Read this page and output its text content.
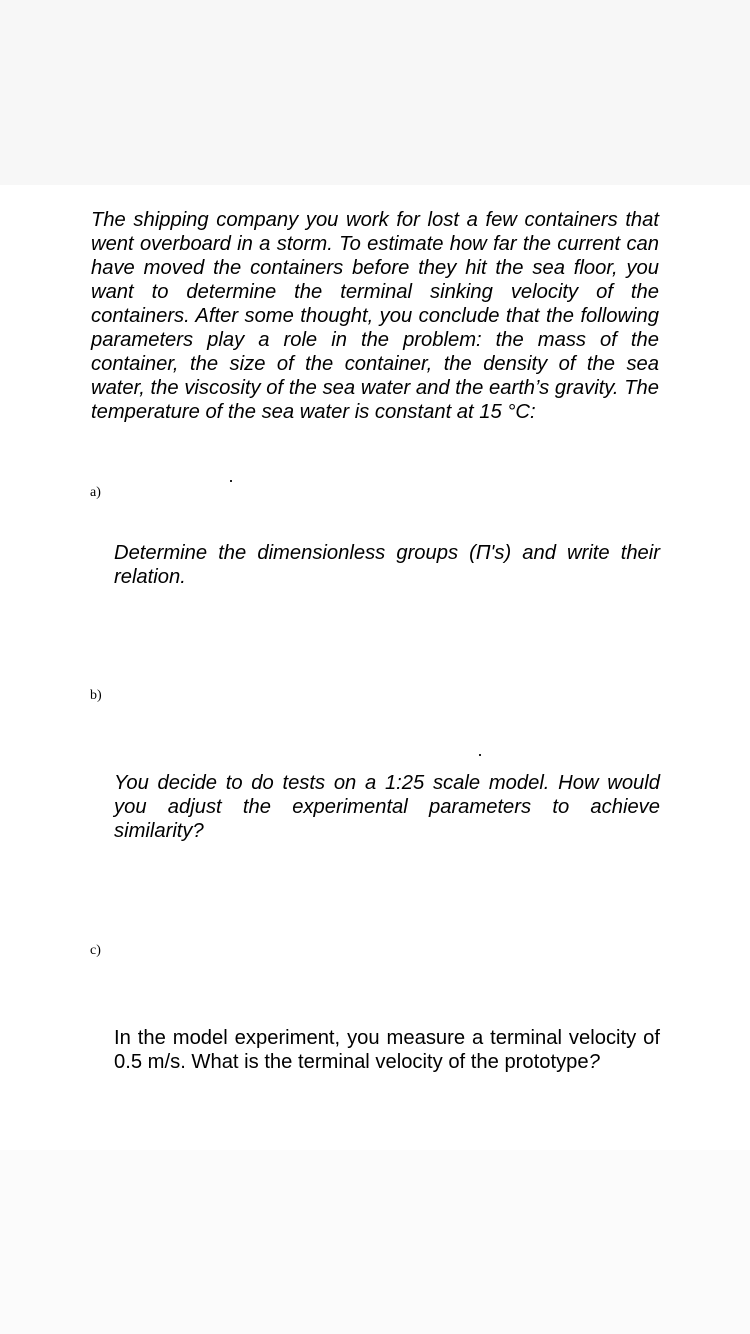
The shipping company you work for lost a few containers that went overboard in a storm. To estimate how far the current can have moved the containers before they hit the sea floor, you want to determine the terminal sinking velocity of the containers. After some thought, you conclude that the following parameters play a role in the problem: the mass of the container, the size of the container, the density of the sea water, the viscosity of the sea water and the earth’s gravity. The temperature of the sea water is constant at 15 °C:

a)

Determine the dimensionless groups (Π's) and write their relation.

b)

You decide to do tests on a 1:25 scale model. How would you adjust the experimental parameters to achieve similarity?

c)

In the model experiment, you measure a terminal velocity of 0.5 m/s. What is the terminal velocity of the prototype?
